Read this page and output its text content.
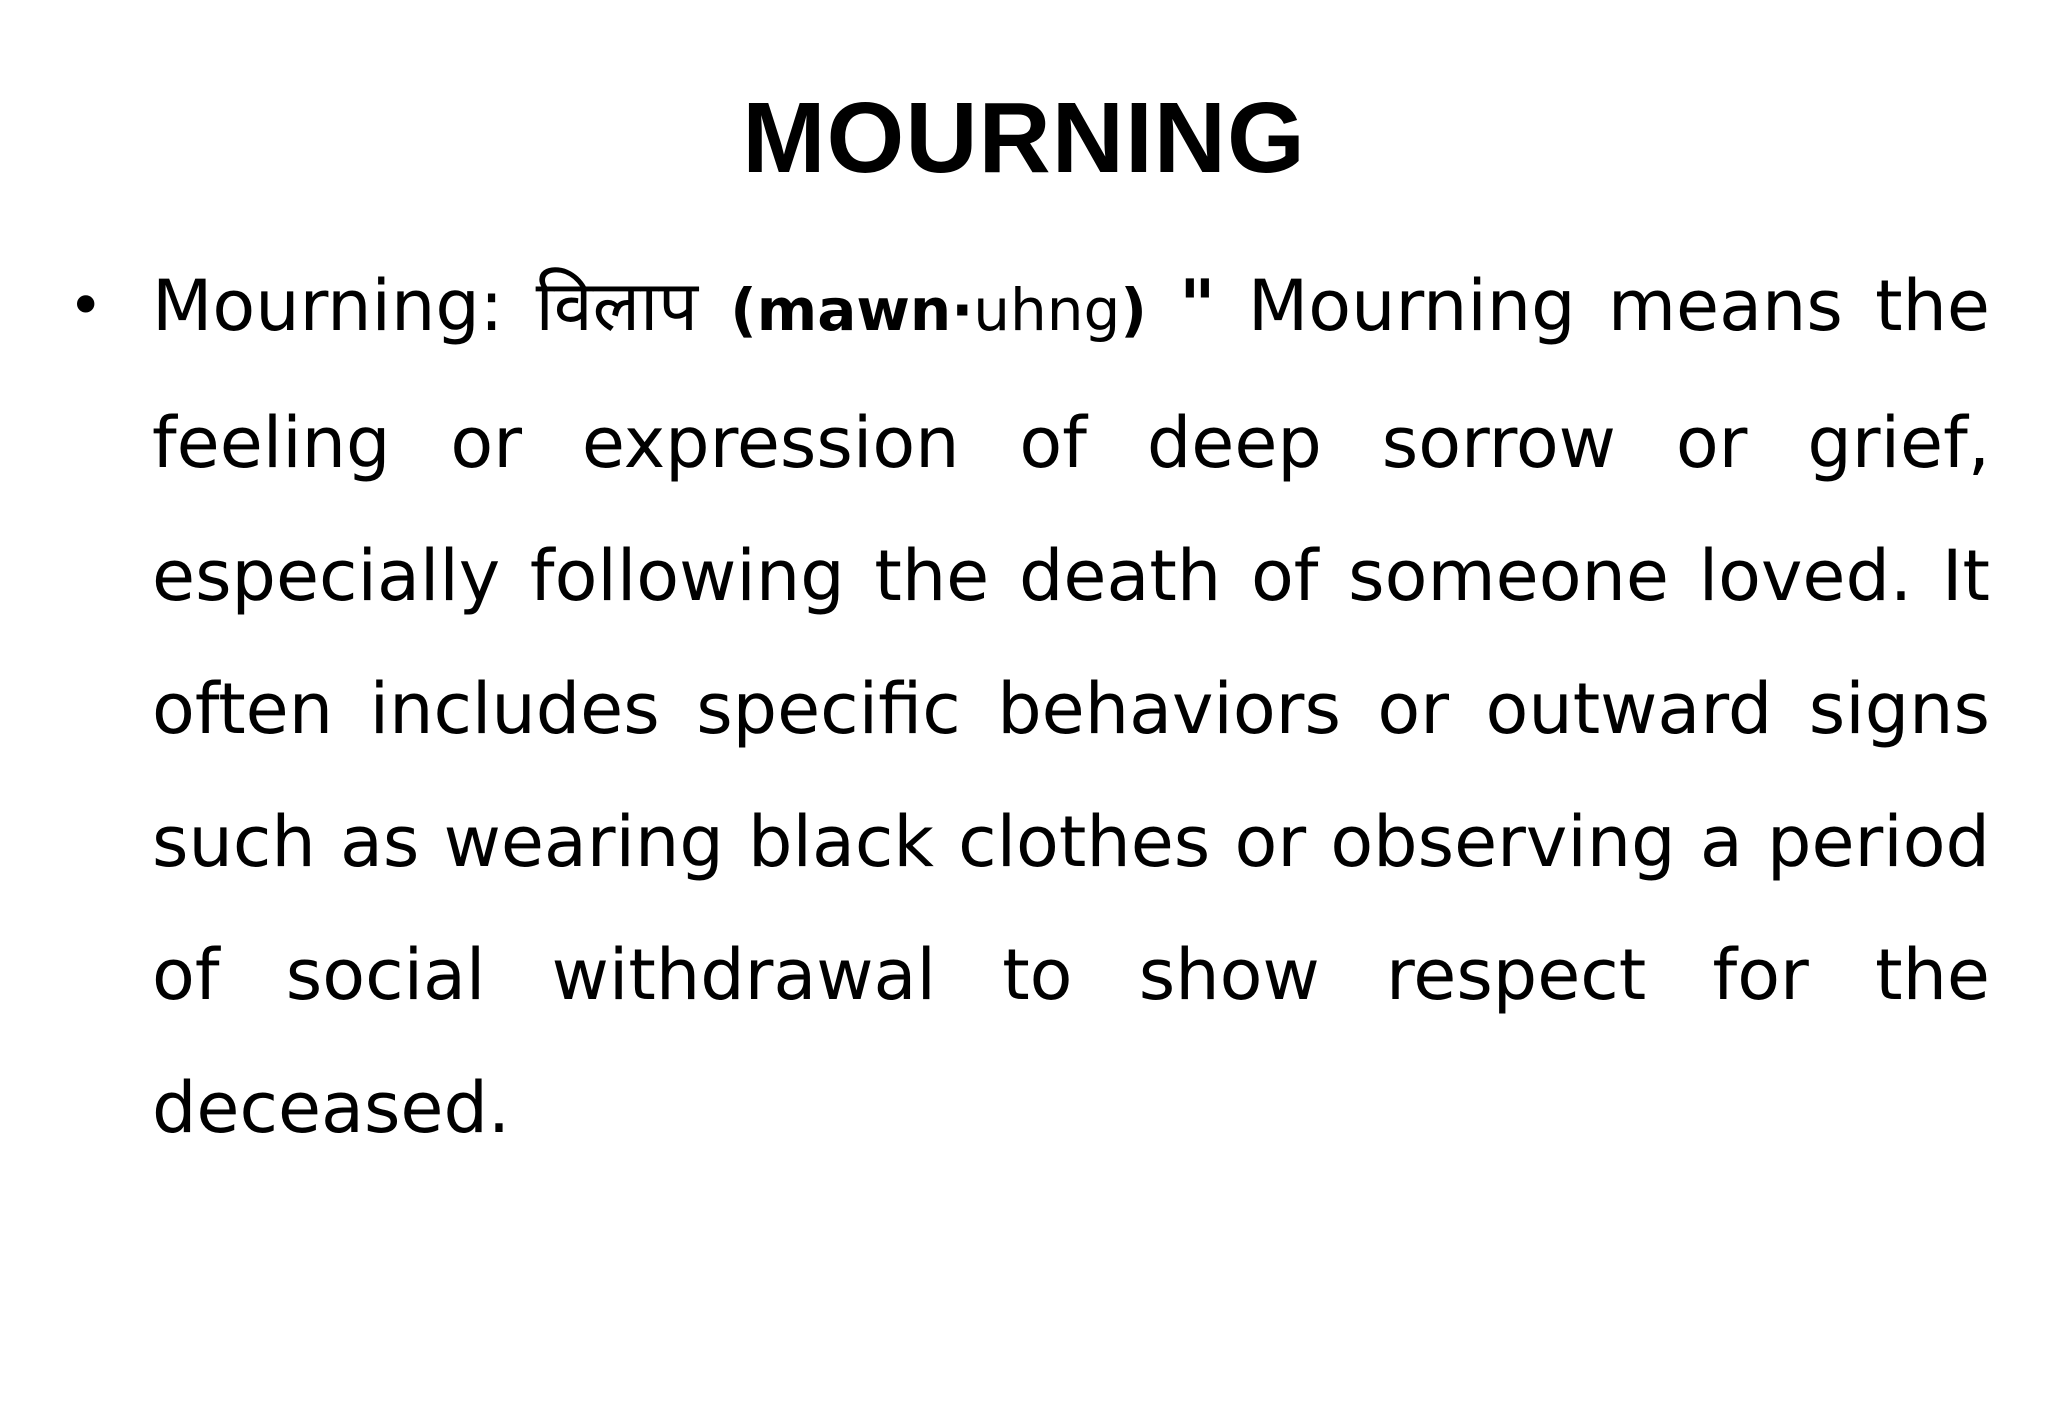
MOURNING
• Mourning: विलाप (mawn·uhng) " Mourning means the feeling or expression of deep sorrow or grief, especially following the death of someone loved. It often includes specific behaviors or outward signs such as wearing black clothes or observing a period of social withdrawal to show respect for the deceased.
